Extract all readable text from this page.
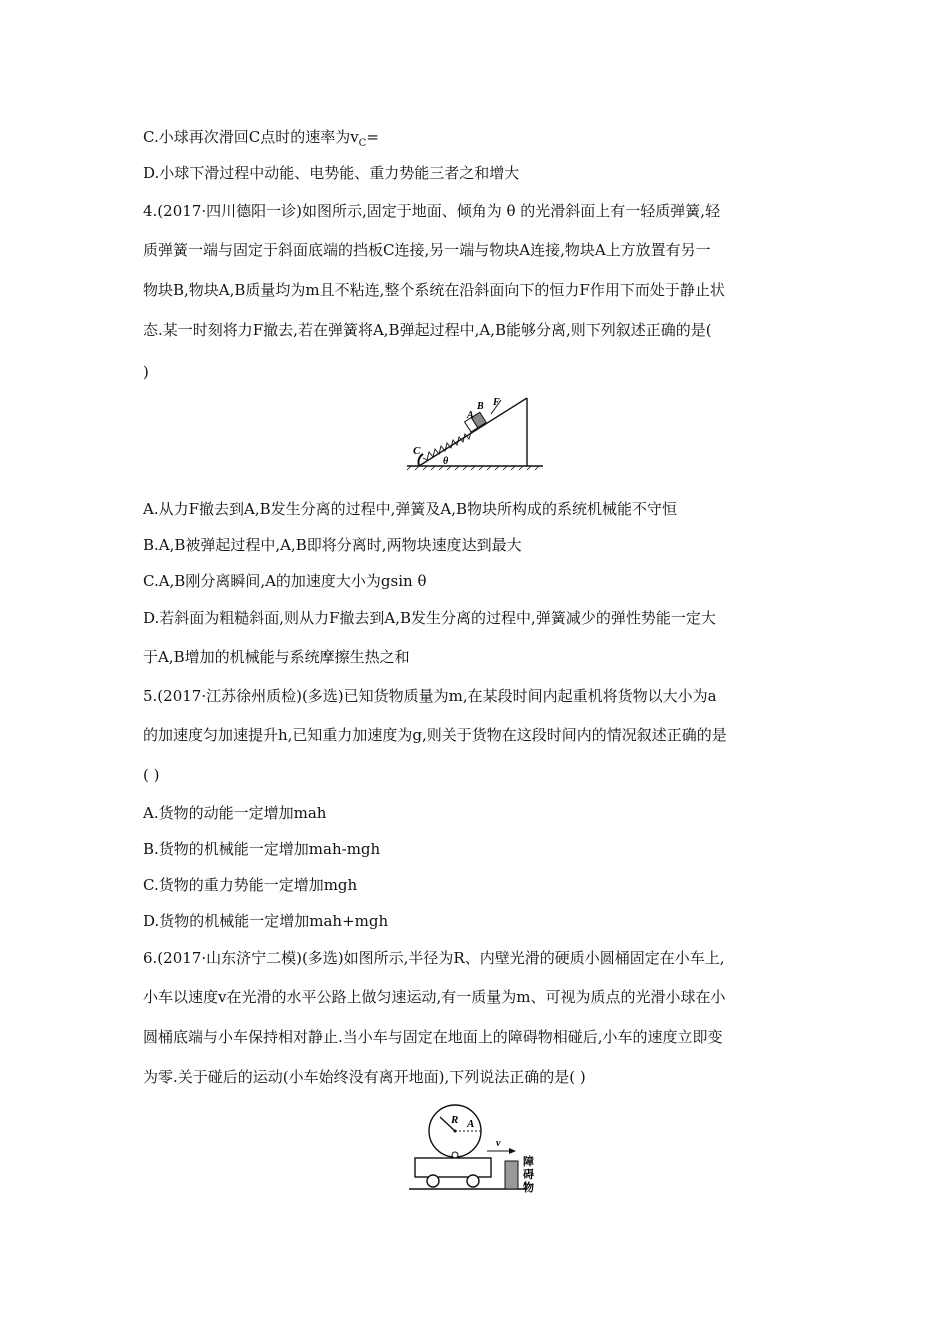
C.小球再次滑回C点时的速率为$v_C=$
D.小球下滑过程中动能、电势能、重力势能三者之和增大
4.(2017·四川德阳一诊)如图所示,固定于地面、倾角为 θ 的光滑斜面上有一轻质弹簧,轻
质弹簧一端与固定于斜面底端的挡板C连接,另一端与物块A连接,物块A上方放置有另一
物块B,物块A,B质量均为m且不粘连,整个系统在沿斜面向下的恒力F作用下而处于静止状
态.某一时刻将力F撤去,若在弹簧将A,B弹起过程中,A,B能够分离,则下列叙述正确的是(
)
C
A
B F
θ
A.从力F撤去到A,B发生分离的过程中,弹簧及A,B物块所构成的系统机械能不守恒
B.A,B被弹起过程中,A,B即将分离时,两物块速度达到最大
C.A,B刚分离瞬间,A的加速度大小为gsin θ
D.若斜面为粗糙斜面,则从力F撤去到A,B发生分离的过程中,弹簧减少的弹性势能一定大
于A,B增加的机械能与系统摩擦生热之和
5.(2017·江苏徐州质检)(多选)已知货物质量为m,在某段时间内起重机将货物以大小为a
的加速度匀加速提升h,已知重力加速度为g,则关于货物在这段时间内的情况叙述正确的是
( )
A.货物的动能一定增加mah
B.货物的机械能一定增加mah-mgh
C.货物的重力势能一定增加mgh
D.货物的机械能一定增加mah+mgh
6.(2017·山东济宁二模)(多选)如图所示,半径为R、内壁光滑的硬质小圆桶固定在小车上,
小车以速度v在光滑的水平公路上做匀速运动,有一质量为m、可视为质点的光滑小球在小
圆桶底端与小车保持相对静止.当小车与固定在地面上的障碍物相碰后,小车的速度立即变
为零.关于碰后的运动(小车始终没有离开地面),下列说法正确的是( )
R A
v
障
碍
物
